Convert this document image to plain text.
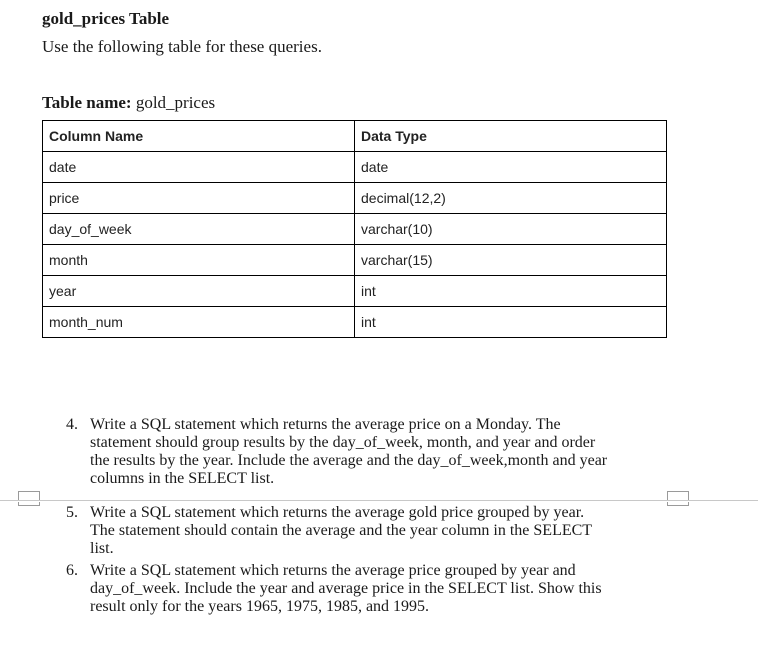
gold_prices Table
Use the following table for these queries.
Table name: gold_prices
Column Name	Data Type
date	date
price	decimal(12,2)
day_of_week	varchar(10)
month	varchar(15)
year	int
month_num	int
4. Write a SQL statement which returns the average price on a Monday. The
statement should group results by the day_of_week, month, and year and order
the results by the year. Include the average and the day_of_week,month and year
columns in the SELECT list.
5. Write a SQL statement which returns the average gold price grouped by year.
The statement should contain the average and the year column in the SELECT
list.
6. Write a SQL statement which returns the average price grouped by year and
day_of_week. Include the year and average price in the SELECT list. Show this
result only for the years 1965, 1975, 1985, and 1995.
